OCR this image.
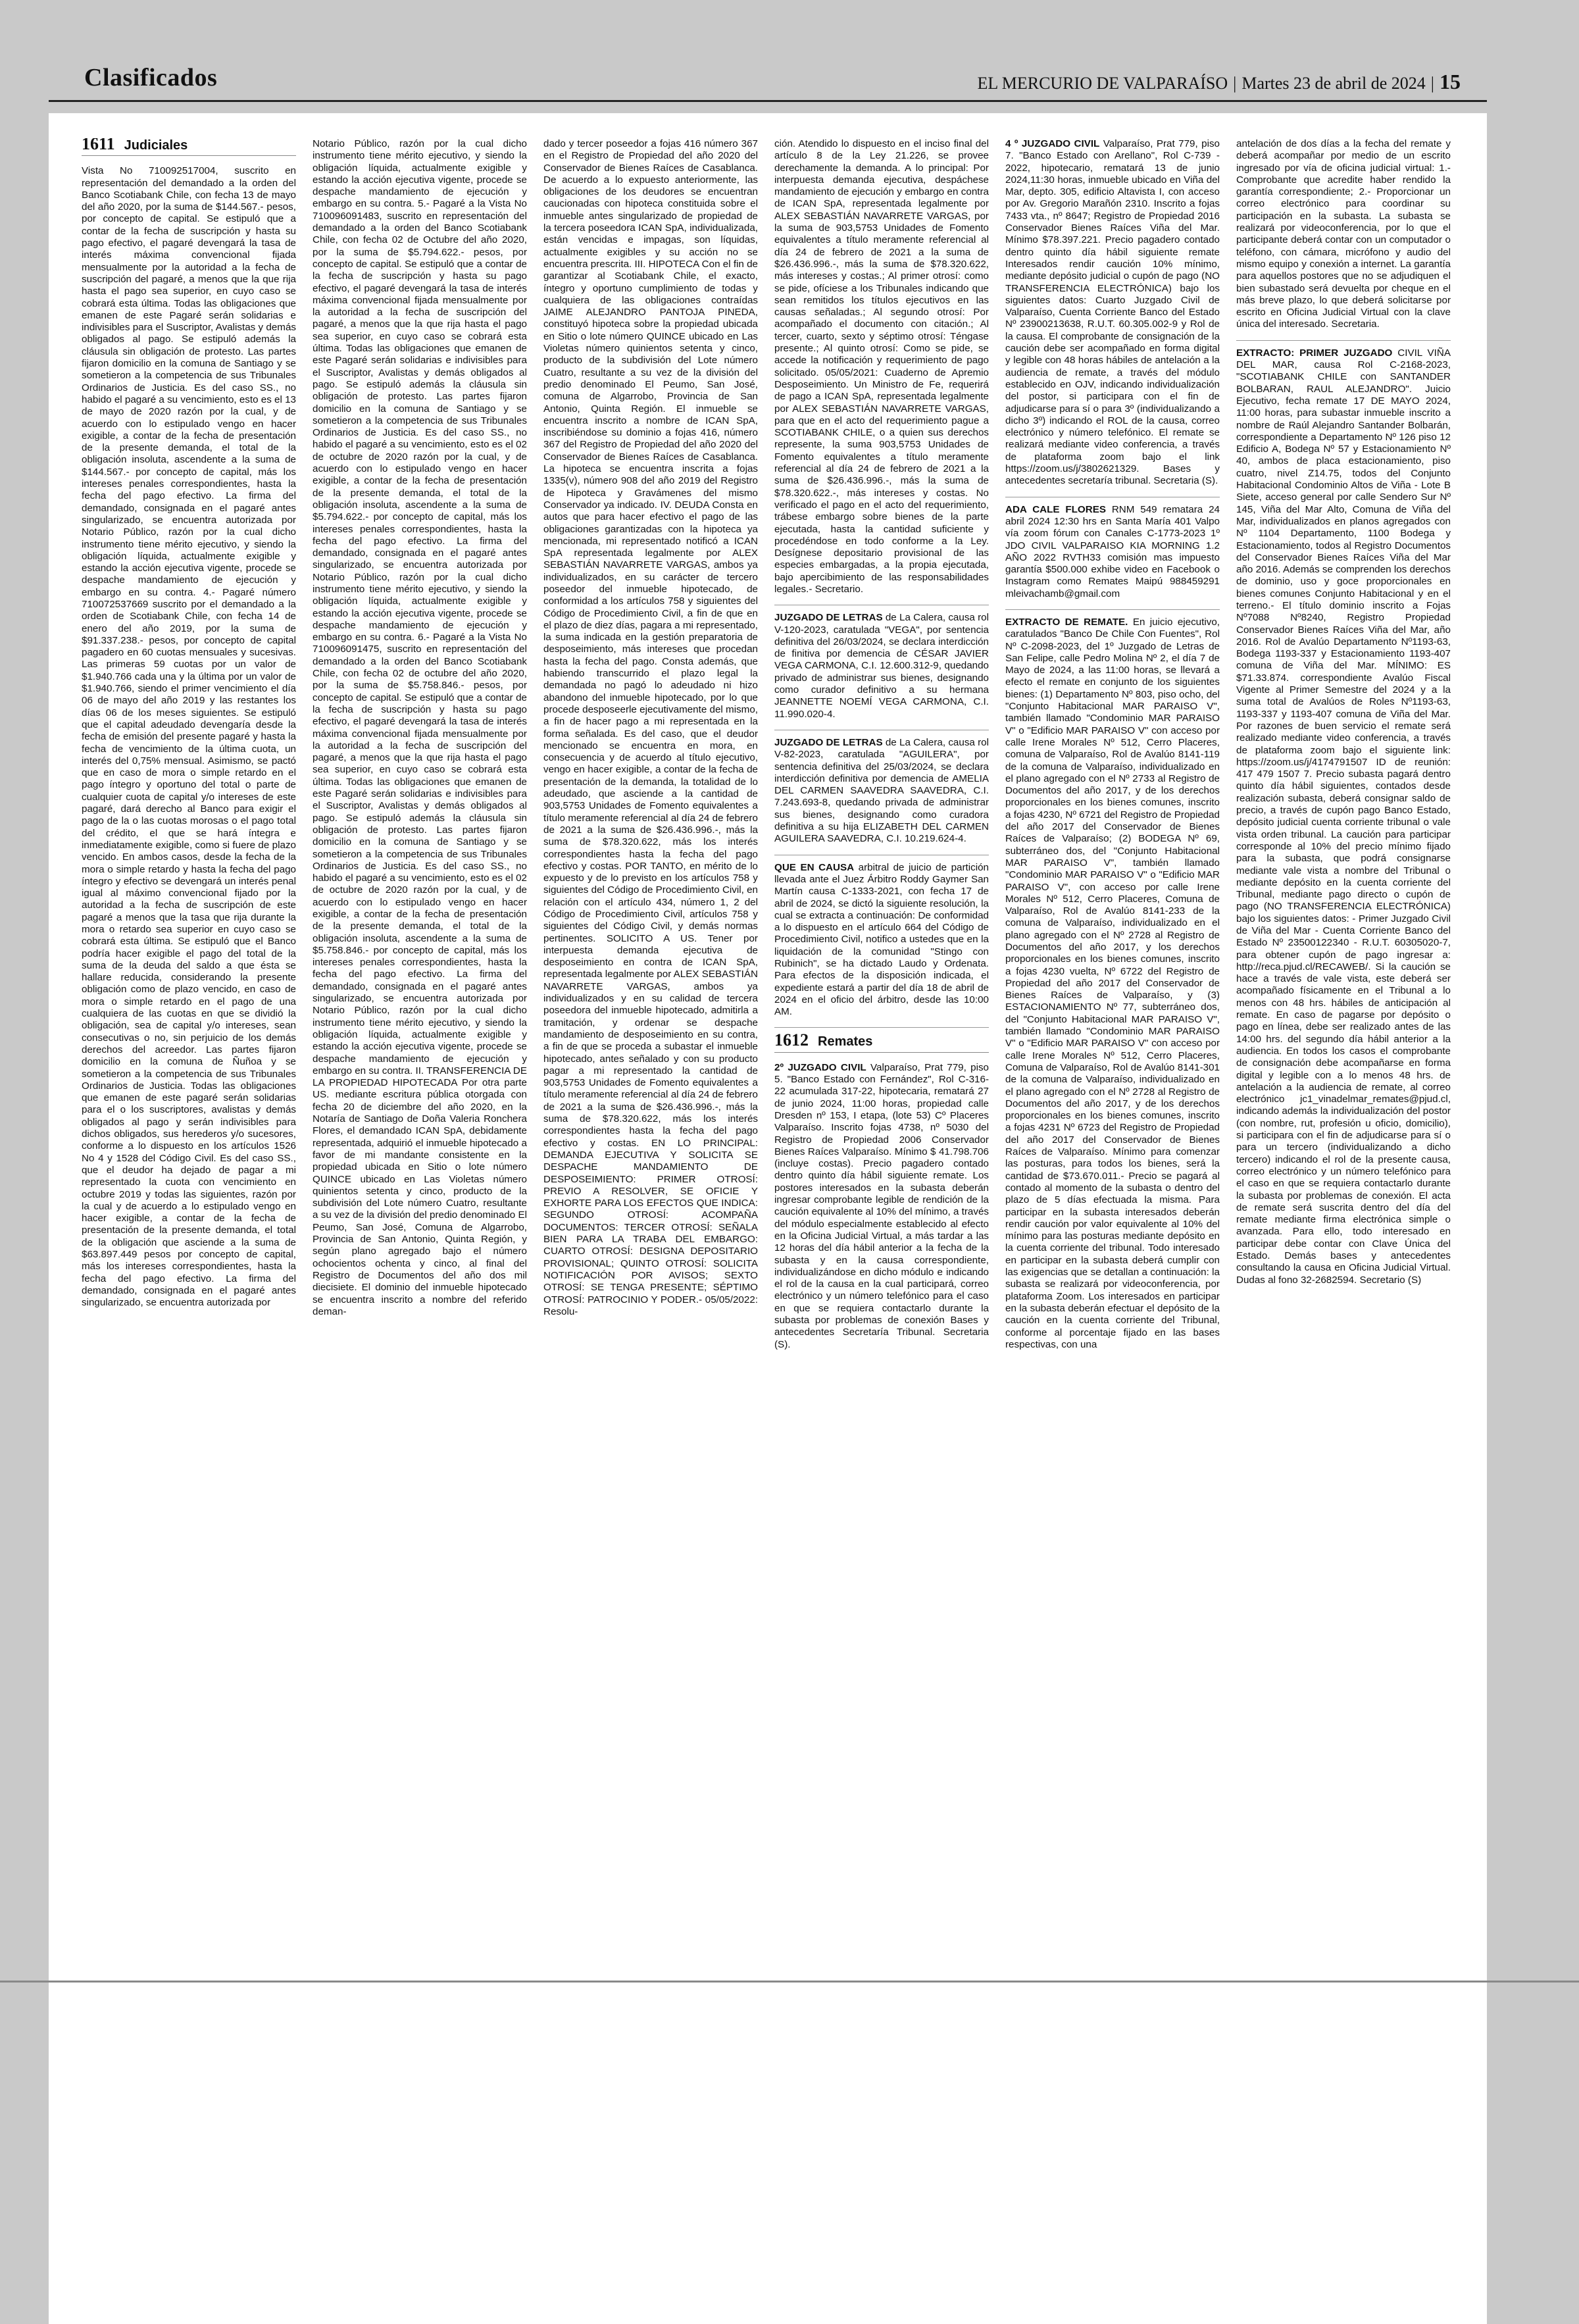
Clasificados	EL MERCURIO DE VALPARAÍSO | Martes 23 de abril de 2024 | 15
1611 Judiciales

Vista No 710092517004, suscrito en representación del demandado a la orden del Banco Scotiabank Chile, con fecha 13 de mayo del año 2020, por la suma de $144.567.- pesos, por concepto de capital. Se estipuló que a contar de la fecha de suscripción y hasta su pago efectivo, el pagaré devengará la tasa de interés máxima convencional fijada mensualmente por la autoridad a la fecha de suscripción del pagaré, a menos que la que rija hasta el pago sea superior, en cuyo caso se cobrará esta última. Todas las obligaciones que emanen de este Pagaré serán solidarias e indivisibles para el Suscriptor, Avalistas y demás obligados al pago. Se estipuló además la cláusula sin obligación de protesto. Las partes fijaron domicilio en la comuna de Santiago y se sometieron a la competencia de sus Tribunales Ordinarios de Justicia. Es del caso SS., no habido el pagaré a su vencimiento, esto es el 13 de mayo de 2020 razón por la cual, y de acuerdo con lo estipulado vengo en hacer exigible, a contar de la fecha de presentación de la presente demanda, el total de la obligación insoluta, ascendente a la suma de $144.567.- por concepto de capital, más los intereses penales correspondientes, hasta la fecha del pago efectivo. La firma del demandado, consignada en el pagaré antes singularizado, se encuentra autorizada por Notario Público, razón por la cual dicho instrumento tiene mérito ejecutivo, y siendo la obligación líquida, actualmente exigible y estando la acción ejecutiva vigente, procede se despache mandamiento de ejecución y embargo en su contra. 4.- Pagaré número 710072537669 suscrito por el demandado a la orden de Scotiabank Chile, con fecha 14 de enero del año 2019, por la suma de $91.337.238.- pesos, por concepto de capital pagadero en 60 cuotas mensuales y sucesivas. Las primeras 59 cuotas por un valor de $1.940.766 cada una y la última por un valor de $1.940.766, siendo el primer vencimiento el día 06 de mayo del año 2019 y las restantes los días 06 de los meses siguientes. Se estipuló que el capital adeudado devengaría desde la fecha de emisión del presente pagaré y hasta la fecha de vencimiento de la última cuota, un interés del 0,75% mensual. Asimismo, se pactó que en caso de mora o simple retardo en el pago íntegro y oportuno del total o parte de cualquier cuota de capital y/o intereses de este pagaré, dará derecho al Banco para exigir el pago de la o las cuotas morosas o el pago total del crédito, el que se hará íntegra e inmediatamente exigible, como si fuere de plazo vencido. En ambos casos, desde la fecha de la mora o simple retardo y hasta la fecha del pago íntegro y efectivo se devengará un interés penal igual al máximo convencional fijado por la autoridad a la fecha de suscripción de este pagaré a menos que la tasa que rija durante la mora o retardo sea superior en cuyo caso se cobrará esta última. Se estipuló que el Banco podría hacer exigible el pago del total de la suma de la deuda del saldo a que ésta se hallare reducida, considerando la presente obligación como de plazo vencido, en caso de mora o simple retardo en el pago de una cualquiera de las cuotas en que se dividió la obligación, sea de capital y/o intereses, sean consecutivas o no, sin perjuicio de los demás derechos del acreedor. Las partes fijaron domicilio en la comuna de Ñuñoa y se sometieron a la competencia de sus Tribunales Ordinarios de Justicia. Todas las obligaciones que emanen de este pagaré serán solidarias para el o los suscriptores, avalistas y demás obligados al pago y serán indivisibles para dichos obligados, sus herederos y/o sucesores, conforme a lo dispuesto en los artículos 1526 No 4 y 1528 del Código Civil. Es del caso SS., que el deudor ha dejado de pagar a mi representado la cuota con vencimiento en octubre 2019 y todas las siguientes, razón por la cual y de acuerdo a lo estipulado vengo en hacer exigible, a contar de la fecha de presentación de la presente demanda, el total de la obligación que asciende a la suma de $63.897.449 pesos por concepto de capital, más los intereses correspondientes, hasta la fecha del pago efectivo. La firma del demandado, consignada en el pagaré antes singularizado, se encuentra autorizada por

Notario Público, razón por la cual dicho instrumento tiene mérito ejecutivo, y siendo la obligación líquida, actualmente exigible y estando la acción ejecutiva vigente, procede se despache mandamiento de ejecución y embargo en su contra. 5.- Pagaré a la Vista No 710096091483, suscrito en representación del demandado a la orden del Banco Scotiabank Chile, con fecha 02 de Octubre del año 2020, por la suma de $5.794.622.- pesos, por concepto de capital. Se estipuló que a contar de la fecha de suscripción y hasta su pago efectivo, el pagaré devengará la tasa de interés máxima convencional fijada mensualmente por la autoridad a la fecha de suscripción del pagaré, a menos que la que rija hasta el pago sea superior, en cuyo caso se cobrará esta última. Todas las obligaciones que emanen de este Pagaré serán solidarias e indivisibles para el Suscriptor, Avalistas y demás obligados al pago. Se estipuló además la cláusula sin obligación de protesto. Las partes fijaron domicilio en la comuna de Santiago y se sometieron a la competencia de sus Tribunales Ordinarios de Justicia. Es del caso SS., no habido el pagaré a su vencimiento, esto es el 02 de octubre de 2020 razón por la cual, y de acuerdo con lo estipulado vengo en hacer exigible, a contar de la fecha de presentación de la presente demanda, el total de la obligación insoluta, ascendente a la suma de $5.794.622.- por concepto de capital, más los intereses penales correspondientes, hasta la fecha del pago efectivo. La firma del demandado, consignada en el pagaré antes singularizado, se encuentra autorizada por Notario Público, razón por la cual dicho instrumento tiene mérito ejecutivo, y siendo la obligación líquida, actualmente exigible y estando la acción ejecutiva vigente, procede se despache mandamiento de ejecución y embargo en su contra. 6.- Pagaré a la Vista No 710096091475, suscrito en representación del demandado a la orden del Banco Scotiabank Chile, con fecha 02 de octubre del año 2020, por la suma de $5.758.846.- pesos, por concepto de capital. Se estipuló que a contar de la fecha de suscripción y hasta su pago efectivo, el pagaré devengará la tasa de interés máxima convencional fijada mensualmente por la autoridad a la fecha de suscripción del pagaré, a menos que la que rija hasta el pago sea superior, en cuyo caso se cobrará esta última. Todas las obligaciones que emanen de este Pagaré serán solidarias e indivisibles para el Suscriptor, Avalistas y demás obligados al pago. Se estipuló además la cláusula sin obligación de protesto. Las partes fijaron domicilio en la comuna de Santiago y se sometieron a la competencia de sus Tribunales Ordinarios de Justicia. Es del caso SS., no habido el pagaré a su vencimiento, esto es el 02 de octubre de 2020 razón por la cual, y de acuerdo con lo estipulado vengo en hacer exigible, a contar de la fecha de presentación de la presente demanda, el total de la obligación insoluta, ascendente a la suma de $5.758.846.- por concepto de capital, más los intereses penales correspondientes, hasta la fecha del pago efectivo. La firma del demandado, consignada en el pagaré antes singularizado, se encuentra autorizada por Notario Público, razón por la cual dicho instrumento tiene mérito ejecutivo, y siendo la obligación líquida, actualmente exigible y estando la acción ejecutiva vigente, procede se despache mandamiento de ejecución y embargo en su contra. II. TRANSFERENCIA DE LA PROPIEDAD HIPOTECADA Por otra parte US. mediante escritura pública otorgada con fecha 20 de diciembre del año 2020, en la Notaría de Santiago de Doña Valeria Ronchera Flores, el demandado ICAN SpA, debidamente representada, adquirió el inmueble hipotecado a favor de mi mandante consistente en la propiedad ubicada en Sitio o lote número QUINCE ubicado en Las Violetas número quinientos setenta y cinco, producto de la subdivisión del Lote número Cuatro, resultante a su vez de la división del predio denominado El Peumo, San José, Comuna de Algarrobo, Provincia de San Antonio, Quinta Región, y según plano agregado bajo el número ochocientos ochenta y cinco, al final del Registro de Documentos del año dos mil diecisiete. El dominio del inmueble hipotecado se encuentra inscrito a nombre del referido deman-

dado y tercer poseedor a fojas 416 número 367 en el Registro de Propiedad del año 2020 del Conservador de Bienes Raíces de Casablanca. De acuerdo a lo expuesto anteriormente, las obligaciones de los deudores se encuentran caucionadas con hipoteca constituida sobre el inmueble antes singularizado de propiedad de la tercera poseedora ICAN SpA, individualizada, están vencidas e impagas, son líquidas, actualmente exigibles y su acción no se encuentra prescrita. III. HIPOTECA Con el fin de garantizar al Scotiabank Chile, el exacto, íntegro y oportuno cumplimiento de todas y cualquiera de las obligaciones contraídas JAIME ALEJANDRO PANTOJA PINEDA, constituyó hipoteca sobre la propiedad ubicada en Sitio o lote número QUINCE ubicado en Las Violetas número quinientos setenta y cinco, producto de la subdivisión del Lote número Cuatro, resultante a su vez de la división del predio denominado El Peumo, San José, comuna de Algarrobo, Provincia de San Antonio, Quinta Región. El inmueble se encuentra inscrito a nombre de ICAN SpA, inscribiéndose su dominio a fojas 416, número 367 del Registro de Propiedad del año 2020 del Conservador de Bienes Raíces de Casablanca. La hipoteca se encuentra inscrita a fojas 1335(v), número 908 del año 2019 del Registro de Hipoteca y Gravámenes del mismo Conservador ya indicado. IV. DEUDA Consta en autos que para hacer efectivo el pago de las obligaciones garantizadas con la hipoteca ya mencionada, mi representado notificó a ICAN SpA representada legalmente por ALEX SEBASTIÁN NAVARRETE VARGAS, ambos ya individualizados, en su carácter de tercero poseedor del inmueble hipotecado, de conformidad a los artículos 758 y siguientes del Código de Procedimiento Civil, a fin de que en el plazo de diez días, pagara a mi representado, la suma indicada en la gestión preparatoria de desposeimiento, más intereses que procedan hasta la fecha del pago. Consta además, que habiendo transcurrido el plazo legal la demandada no pagó lo adeudado ni hizo abandono del inmueble hipotecado, por lo que procede desposeerle ejecutivamente del mismo, a fin de hacer pago a mi representada en la forma señalada. Es del caso, que el deudor mencionado se encuentra en mora, en consecuencia y de acuerdo al título ejecutivo, vengo en hacer exigible, a contar de la fecha de presentación de la demanda, la totalidad de lo adeudado, que asciende a la cantidad de 903,5753 Unidades de Fomento equivalentes a título meramente referencial al día 24 de febrero de 2021 a la suma de $26.436.996.-, más la suma de $78.320.622, más los interés correspondientes hasta la fecha del pago efectivo y costas. POR TANTO, en mérito de lo expuesto y de lo previsto en los artículos 758 y siguientes del Código de Procedimiento Civil, en relación con el artículo 434, número 1, 2 del Código de Procedimiento Civil, artículos 758 y siguientes del Código Civil, y demás normas pertinentes. SOLICITO A US. Tener por interpuesta demanda ejecutiva de desposeimiento en contra de ICAN SpA, representada legalmente por ALEX SEBASTIÁN NAVARRETE VARGAS, ambos ya individualizados y en su calidad de tercera poseedora del inmueble hipotecado, admitirla a tramitación, y ordenar se despache mandamiento de desposeimiento en su contra, a fin de que se proceda a subastar el inmueble hipotecado, antes señalado y con su producto pagar a mi representado la cantidad de 903,5753 Unidades de Fomento equivalentes a título meramente referencial al día 24 de febrero de 2021 a la suma de $26.436.996.-, más la suma de $78.320.622, más los interés correspondientes hasta la fecha del pago efectivo y costas. EN LO PRINCIPAL: DEMANDA EJECUTIVA Y SOLICITA SE DESPACHE MANDAMIENTO DE DESPOSEIMIENTO: PRIMER OTROSÍ: PREVIO A RESOLVER, SE OFICIE Y EXHORTE PARA LOS EFECTOS QUE INDICA: SEGUNDO OTROSÍ: ACOMPAÑA DOCUMENTOS: TERCER OTROSÍ: SEÑALA BIEN PARA LA TRABA DEL EMBARGO: CUARTO OTROSÍ: DESIGNA DEPOSITARIO PROVISIONAL; QUINTO OTROSÍ: SOLICITA NOTIFICACIÓN POR AVISOS; SEXTO OTROSÍ: SE TENGA PRESENTE; SÉPTIMO OTROSÍ: PATROCINIO Y PODER.- 05/05/2022: Resolu-

ción. Atendido lo dispuesto en el inciso final del artículo 8 de la Ley 21.226, se provee derechamente la demanda. A lo principal: Por interpuesta demanda ejecutiva, despáchese mandamiento de ejecución y embargo en contra de ICAN SpA, representada legalmente por ALEX SEBASTIÁN NAVARRETE VARGAS, por la suma de 903,5753 Unidades de Fomento equivalentes a título meramente referencial al día 24 de febrero de 2021 a la suma de $26.436.996.-, más la suma de $78.320.622, más intereses y costas.; Al primer otrosí: como se pide, ofíciese a los Tribunales indicando que sean remitidos los títulos ejecutivos en las causas señaladas.; Al segundo otrosí: Por acompañado el documento con citación.; Al tercer, cuarto, sexto y séptimo otrosí: Téngase presente.; Al quinto otrosí: Como se pide, se accede la notificación y requerimiento de pago solicitado. 05/05/2021: Cuaderno de Apremio Desposeimiento. Un Ministro de Fe, requerirá de pago a ICAN SpA, representada legalmente por ALEX SEBASTIÁN NAVARRETE VARGAS, para que en el acto del requerimiento pague a SCOTIABANK CHILE, o a quien sus derechos represente, la suma 903,5753 Unidades de Fomento equivalentes a título meramente referencial al día 24 de febrero de 2021 a la suma de $26.436.996.-, más la suma de $78.320.622.-, más intereses y costas. No verificado el pago en el acto del requerimiento, trábese embargo sobre bienes de la parte ejecutada, hasta la cantidad suficiente y procedéndose en todo conforme a la Ley. Desígnese depositario provisional de las especies embargadas, a la propia ejecutada, bajo apercibimiento de las responsabilidades legales.- Secretario.

JUZGADO DE LETRAS de La Calera, causa rol V-120-2023, caratulada "VEGA", por sentencia definitiva del 26/03/2024, se declara interdicción de finitiva por demencia de CÉSAR JAVIER VEGA CARMONA, C.I. 12.600.312-9, quedando privado de administrar sus bienes, designando como curador definitivo a su hermana JEANNETTE NOEMÍ VEGA CARMONA, C.I. 11.990.020-4.

JUZGADO DE LETRAS de La Calera, causa rol V-82-2023, caratulada "AGUILERA", por sentencia definitiva del 25/03/2024, se declara interdicción definitiva por demencia de AMELIA DEL CARMEN SAAVEDRA SAAVEDRA, C.I. 7.243.693-8, quedando privada de administrar sus bienes, designando como curadora definitiva a su hija ELIZABETH DEL CARMEN AGUILERA SAAVEDRA, C.I. 10.219.624-4.

QUE EN CAUSA arbitral de juicio de partición llevada ante el Juez Árbitro Roddy Gaymer San Martín causa C-1333-2021, con fecha 17 de abril de 2024, se dictó la siguiente resolución, la cual se extracta a continuación: De conformidad a lo dispuesto en el artículo 664 del Código de Procedimiento Civil, notifico a ustedes que en la liquidación de la comunidad "Stingo con Rubinich", se ha dictado Laudo y Ordenata. Para efectos de la disposición indicada, el expediente estará a partir del día 18 de abril de 2024 en el oficio del árbitro, desde las 10:00 AM.

1612 Remates

2º JUZGADO CIVIL Valparaíso, Prat 779, piso 5. "Banco Estado con Fernández", Rol C-316-22 acumulada 317-22, hipotecaria, rematará 27 de junio 2024, 11:00 horas, propiedad calle Dresden nº 153, I etapa, (lote 53) Cº Placeres Valparaíso. Inscrito fojas 4738, nº 5030 del Registro de Propiedad 2006 Conservador Bienes Raíces Valparaíso. Mínimo $ 41.798.706 (incluye costas). Precio pagadero contado dentro quinto día hábil siguiente remate. Los postores interesados en la subasta deberán ingresar comprobante legible de rendición de la caución equivalente al 10% del mínimo, a través del módulo especialmente establecido al efecto en la Oficina Judicial Virtual, a más tardar a las 12 horas del día hábil anterior a la fecha de la subasta y en la causa correspondiente, individualizándose en dicho módulo e indicando el rol de la causa en la cual participará, correo electrónico y un número telefónico para el caso en que se requiera contactarlo durante la subasta por problemas de conexión Bases y antecedentes Secretaría Tribunal. Secretaria (S).

4 º JUZGADO CIVIL Valparaíso, Prat 779, piso 7. "Banco Estado con Arellano", Rol C-739 - 2022, hipotecario, rematará 13 de junio 2024,11:30 horas, inmueble ubicado en Viña del Mar, depto. 305, edificio Altavista I, con acceso por Av. Gregorio Marañón 2310. Inscrito a fojas 7433 vta., nº 8647; Registro de Propiedad 2016 Conservador Bienes Raíces Viña del Mar. Mínimo $78.397.221. Precio pagadero contado dentro quinto día hábil siguiente remate Interesados rendir caución 10% mínimo, mediante depósito judicial o cupón de pago (NO TRANSFERENCIA ELECTRÓNICA) bajo los siguientes datos: Cuarto Juzgado Civil de Valparaíso, Cuenta Corriente Banco del Estado Nº 23900213638, R.U.T. 60.305.002-9 y Rol de la causa. El comprobante de consignación de la caución debe ser acompañado en forma digital y legible con 48 horas hábiles de antelación a la audiencia de remate, a través del módulo establecido en OJV, indicando individualización del postor, si participara con el fin de adjudicarse para sí o para 3º (individualizando a dicho 3º) indicando el ROL de la causa, correo electrónico y número telefónico. El remate se realizará mediante video conferencia, a través de plataforma zoom bajo el link https://zoom.us/j/3802621329. Bases y antecedentes secretaría tribunal. Secretaria (S).

ADA CALE FLORES RNM 549 rematara 24 abril 2024 12:30 hrs en Santa María 401 Valpo vía zoom fórum con Canales C-1773-2023 1º JDO CIVIL VALPARAISO KIA MORNING 1.2 AÑO 2022 RVTH33 comisión mas impuesto garantía $500.000 exhibe video en Facebook o Instagram como Remates Maipú 988459291 mleivachamb@gmail.com

EXTRACTO DE REMATE. En juicio ejecutivo, caratulados "Banco De Chile Con Fuentes", Rol Nº C-2098-2023, del 1º Juzgado de Letras de San Felipe, calle Pedro Molina Nº 2, el día 7 de Mayo de 2024, a las 11:00 horas, se llevará a efecto el remate en conjunto de los siguientes bienes: (1) Departamento Nº 803, piso ocho, del "Conjunto Habitacional MAR PARAISO V", también llamado "Condominio MAR PARAISO V" o "Edificio MAR PARAISO V" con acceso por calle Irene Morales Nº 512, Cerro Placeres, comuna de Valparaíso, Rol de Avalúo 8141-119 de la comuna de Valparaíso, individualizado en el plano agregado con el Nº 2733 al Registro de Documentos del año 2017, y de los derechos proporcionales en los bienes comunes, inscrito a fojas 4230, Nº 6721 del Registro de Propiedad del año 2017 del Conservador de Bienes Raíces de Valparaíso; (2) BODEGA Nº 69, subterráneo dos, del "Conjunto Habitacional MAR PARAISO V", también llamado "Condominio MAR PARAISO V" o "Edificio MAR PARAISO V", con acceso por calle Irene Morales Nº 512, Cerro Placeres, Comuna de Valparaíso, Rol de Avalúo 8141-233 de la comuna de Valparaíso, individualizado en el plano agregado con el Nº 2728 al Registro de Documentos del año 2017, y los derechos proporcionales en los bienes comunes, inscrito a fojas 4230 vuelta, Nº 6722 del Registro de Propiedad del año 2017 del Conservador de Bienes Raíces de Valparaíso, y (3) ESTACIONAMIENTO Nº 77, subterráneo dos, del "Conjunto Habitacional MAR PARAISO V", también llamado "Condominio MAR PARAISO V" o "Edificio MAR PARAISO V" con acceso por calle Irene Morales Nº 512, Cerro Placeres, Comuna de Valparaíso, Rol de Avalúo 8141-301 de la comuna de Valparaíso, individualizado en el plano agregado con el Nº 2728 al Registro de Documentos del año 2017, y de los derechos proporcionales en los bienes comunes, inscrito a fojas 4231 Nº 6723 del Registro de Propiedad del año 2017 del Conservador de Bienes Raíces de Valparaíso. Mínimo para comenzar las posturas, para todos los bienes, será la cantidad de $73.670.011.- Precio se pagará al contado al momento de la subasta o dentro del plazo de 5 días efectuada la misma. Para participar en la subasta interesados deberán rendir caución por valor equivalente al 10% del mínimo para las posturas mediante depósito en la cuenta corriente del tribunal. Todo interesado en participar en la subasta deberá cumplir con las exigencias que se detallan a continuación: la subasta se realizará por videoconferencia, por plataforma Zoom. Los interesados en participar en la subasta deberán efectuar el depósito de la caución en la cuenta corriente del Tribunal, conforme al porcentaje fijado en las bases respectivas, con una

antelación de dos días a la fecha del remate y deberá acompañar por medio de un escrito ingresado por vía de oficina judicial virtual: 1.- Comprobante que acredite haber rendido la garantía correspondiente; 2.- Proporcionar un correo electrónico para coordinar su participación en la subasta. La subasta se realizará por videoconferencia, por lo que el participante deberá contar con un computador o teléfono, con cámara, micrófono y audio del mismo equipo y conexión a internet. La garantía para aquellos postores que no se adjudiquen el bien subastado será devuelta por cheque en el más breve plazo, lo que deberá solicitarse por escrito en Oficina Judicial Virtual con la clave única del interesado. Secretaria.

EXTRACTO: PRIMER JUZGADO CIVIL VIÑA DEL MAR, causa Rol C-2168-2023, "SCOTIABANK CHILE con SANTANDER BOLBARAN, RAUL ALEJANDRO". Juicio Ejecutivo, fecha remate 17 DE MAYO 2024, 11:00 horas, para subastar inmueble inscrito a nombre de Raúl Alejandro Santander Bolbarán, correspondiente a Departamento Nº 126 piso 12 Edificio A, Bodega Nº 57 y Estacionamiento Nº 40, ambos de placa estacionamiento, piso cuatro, nivel Z14.75, todos del Conjunto Habitacional Condominio Altos de Viña - Lote B Siete, acceso general por calle Sendero Sur Nº 145, Viña del Mar Alto, Comuna de Viña del Mar, individualizados en planos agregados con Nº 1104 Departamento, 1100 Bodega y Estacionamiento, todos al Registro Documentos del Conservador Bienes Raíces Viña del Mar año 2016. Además se comprenden los derechos de dominio, uso y goce proporcionales en bienes comunes Conjunto Habitacional y en el terreno.- El título dominio inscrito a Fojas Nº7088 Nº8240, Registro Propiedad Conservador Bienes Raíces Viña del Mar, año 2016. Rol de Avalúo Departamento Nº1193-63, Bodega 1193-337 y Estacionamiento 1193-407 comuna de Viña del Mar. MÍNIMO: ES $71.33.874. correspondiente Avalúo Fiscal Vigente al Primer Semestre del 2024 y a la suma total de Avalúos de Roles Nº1193-63, 1193-337 y 1193-407 comuna de Viña del Mar. Por razones de buen servicio el remate será realizado mediante video conferencia, a través de plataforma zoom bajo el siguiente link: https://zoom.us/j/4174791507 ID de reunión: 417 479 1507 7. Precio subasta pagará dentro quinto día hábil siguientes, contados desde realización subasta, deberá consignar saldo de precio, a través de cupón pago Banco Estado, depósito judicial cuenta corriente tribunal o vale vista orden tribunal. La caución para participar corresponde al 10% del precio mínimo fijado para la subasta, que podrá consignarse mediante vale vista a nombre del Tribunal o mediante depósito en la cuenta corriente del Tribunal, mediante pago directo o cupón de pago (NO TRANSFERENCIA ELECTRÓNICA) bajo los siguientes datos: - Primer Juzgado Civil de Viña del Mar - Cuenta Corriente Banco del Estado Nº 23500122340 - R.U.T. 60305020-7, para obtener cupón de pago ingresar a: http://reca.pjud.cl/RECAWEB/. Si la caución se hace a través de vale vista, este deberá ser acompañado físicamente en el Tribunal a lo menos con 48 hrs. hábiles de anticipación al remate. En caso de pagarse por depósito o pago en línea, debe ser realizado antes de las 14:00 hrs. del segundo día hábil anterior a la audiencia. En todos los casos el comprobante de consignación debe acompañarse en forma digital y legible con a lo menos 48 hrs. de antelación a la audiencia de remate, al correo electrónico jc1_vinadelmar_remates@pjud.cl, indicando además la individualización del postor (con nombre, rut, profesión u oficio, domicilio), si participara con el fin de adjudicarse para sí o para un tercero (individualizando a dicho tercero) indicando el rol de la presente causa, correo electrónico y un número telefónico para el caso en que se requiera contactarlo durante la subasta por problemas de conexión. El acta de remate será suscrita dentro del día del remate mediante firma electrónica simple o avanzada. Para ello, todo interesado en participar debe contar con Clave Única del Estado. Demás bases y antecedentes consultando la causa en Oficina Judicial Virtual. Dudas al fono 32-2682594. Secretario (S)
